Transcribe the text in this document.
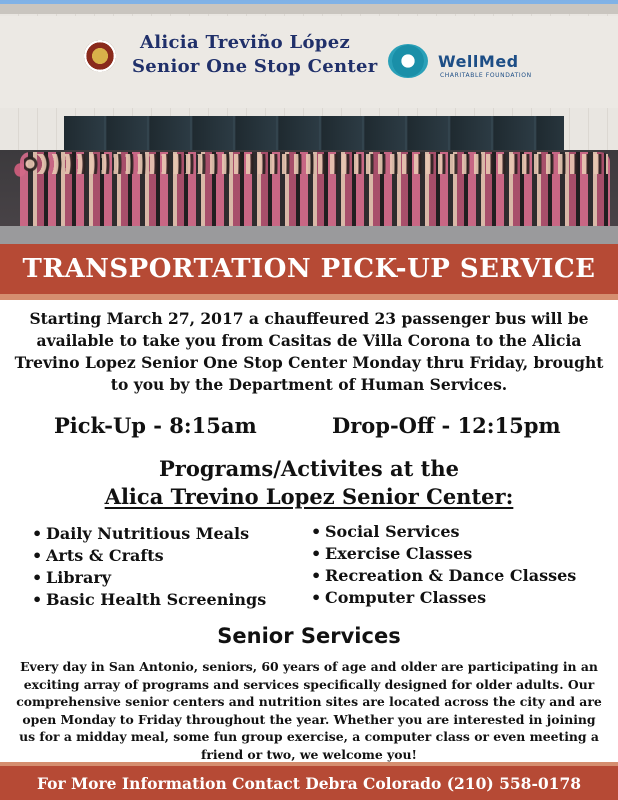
Alicia Treviño López
Senior One Stop Center	WellMed
CHARITABLE FOUNDATION
TRANSPORTATION PICK-UP SERVICE
Starting March 27, 2017 a chauffeured 23 passenger bus will be available to take you from Casitas de Villa Corona to the Alicia Trevino Lopez Senior One Stop Center Monday thru Friday, brought to you by the Department of Human Services.
Pick-Up - 8:15am	Drop-Off - 12:15pm
Programs/Activites at the
Alica Trevino Lopez Senior Center:
• Daily Nutritious Meals
• Arts & Crafts
• Library
• Basic Health Screenings
• Social Services
• Exercise Classes
• Recreation & Dance Classes
• Computer Classes
Senior Services
Every day in San Antonio, seniors, 60 years of age and older are participating in an exciting array of programs and services specifically designed for older adults. Our comprehensive senior centers and nutrition sites are located across the city and are open Monday to Friday throughout the year. Whether you are interested in joining us for a midday meal, some fun group exercise, a computer class or even meeting a friend or two, we welcome you!

For More Information Contact Debra Colorado (210) 558-0178
